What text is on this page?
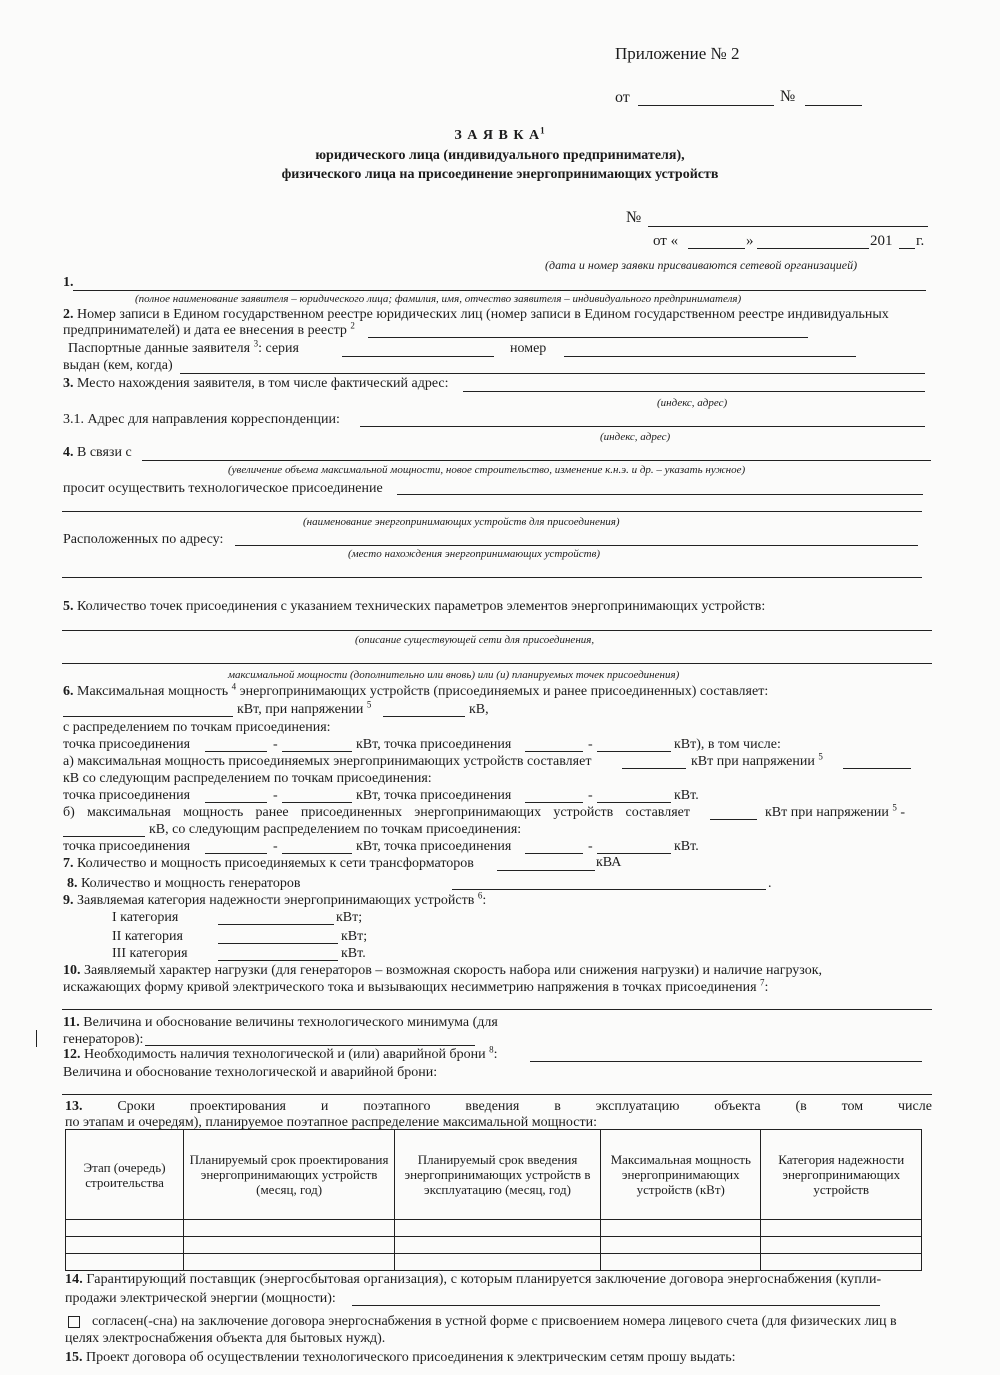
Приложение № 2
от	№
З А Я В К $А^1$
юридического лица (индивидуального предпринимателя),
физического лица на присоединение энергопринимающих устройств
№
от «	»	201 г.
(дата и номер заявки присваиваются сетевой организацией)
1.
(полное наименование заявителя – юридического лица; фамилия, имя, отчество заявителя – индивидуального предпринимателя)
2. Номер записи в Едином государственном реестре юридических лиц (номер записи в Едином государственном реестре индивидуальных
предпринимателей) и дата ее внесения в реестр $^2$
Паспортные данные заявителя $^3$: серия	номер
выдан (кем, когда)
3. Место нахождения заявителя, в том числе фактический адрес:
(индекс, адрес)
3.1. Адрес для направления корреспонденции:
(индекс, адрес)
4. В связи с
(увеличение объема максимальной мощности, новое строительство, изменение к.н.э. и др. – указать нужное)
просит осуществить технологическое присоединение
(наименование энергопринимающих устройств для присоединения)
Расположенных по адресу:
(место нахождения энергопринимающих устройств)
5. Количество точек присоединения с указанием технических параметров элементов энергопринимающих устройств:
(описание существующей сети для присоединения,
максимальной мощности (дополнительно или вновь) или (и) планируемых точек присоединения)
6. Максимальная мощность $^4$ энергопринимающих устройств (присоединяемых и ранее присоединенных) составляет:
кВт, при напряжении $^5$	кВ,
с распределением по точкам присоединения:
точка присоединения	-	кВт, точка присоединения	-	кВт), в том числе:
а) максимальная мощность присоединяемых энергопринимающих устройств составляет	кВт при напряжении $^5$
кВ со следующим распределением по точкам присоединения:
точка присоединения	-	кВт, точка присоединения	-	кВт.
б) максимальная мощность ранее присоединенных энергопринимающих устройств составляет	кВт при напряжении $^5$ -
кВ, со следующим распределением по точкам присоединения:
точка присоединения	-	кВт, точка присоединения	-	кВт.
7. Количество и мощность присоединяемых к сети трансформаторов	кВА
8. Количество и мощность генераторов	.
9. Заявляемая категория надежности энергопринимающих устройств $^6$:
I категория	кВт;
II категория	кВт;
III категория	кВт.
10. Заявляемый характер нагрузки (для генераторов – возможная скорость набора или снижения нагрузки) и наличие нагрузок,
искажающих форму кривой электрического тока и вызывающих несимметрию напряжения в точках присоединения $^7$:
11. Величина и обоснование величины технологического минимума (для
генераторов):
12. Необходимость наличия технологической и (или) аварийной брони $^8$:
Величина и обоснование технологической и аварийной брони:
13. Сроки проектирования и поэтапного введения в эксплуатацию объекта (в том числе
по этапам и очередям), планируемое поэтапное распределение максимальной мощности:
Этап (очередь) строительства	Планируемый срок проектирования энергопринимающих устройств (месяц, год)	Планируемый срок введения энергопринимающих устройств в эксплуатацию (месяц, год)	Максимальная мощность энергопринимающих устройств (кВт)	Категория надежности энергопринимающих устройств

14. Гарантирующий поставщик (энергосбытовая организация), с которым планируется заключение договора энергоснабжения (купли-
продажи электрической энергии (мощности):
согласен(-сна) на заключение договора энергоснабжения в устной форме с присвоением номера лицевого счета (для физических лиц в
целях электроснабжения объекта для бытовых нужд).
15. Проект договора об осуществлении технологического присоединения к электрическим сетям прошу выдать:
